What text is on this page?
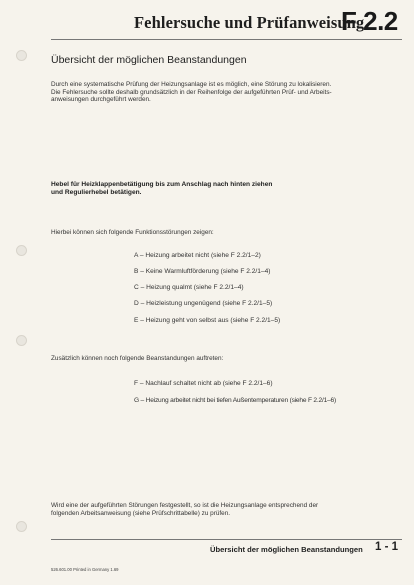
Fehlersuche und Prüfanweisung
F 2.2
Übersicht der möglichen Beanstandungen
Durch eine systematische Prüfung der Heizungsanlage ist es möglich, eine Störung zu lokalisieren.
Die Fehlersuche sollte deshalb grundsätzlich in der Reihenfolge der aufgeführten Prüf- und Arbeits-
anweisungen durchgeführt werden.
Hebel für Heizklappenbetätigung bis zum Anschlag nach hinten ziehen
und Regulierhebel betätigen.
Hierbei können sich folgende Funktionsstörungen zeigen:
A – Heizung arbeitet nicht (siehe F 2.2/1–2)
B – Keine Warmluftförderung (siehe F 2.2/1–4)
C – Heizung qualmt (siehe F 2.2/1–4)
D – Heizleistung ungenügend (siehe F 2.2/1–5)
E – Heizung geht von selbst aus (siehe F 2.2/1–5)
Zusätzlich können noch folgende Beanstandungen auftreten:
F – Nachlauf schaltet nicht ab (siehe F 2.2/1–6)
G – Heizung arbeitet nicht bei tiefen Außentemperaturen (siehe F 2.2/1–6)
Wird eine der aufgeführten Störungen festgestellt, so ist die Heizungsanlage entsprechend der
folgenden Arbeitsanweisung (siehe Prüfschrittabelle) zu prüfen.
Übersicht der möglichen Beanstandungen 1 - 1
526.601.00 Printed in Germany 1.69
